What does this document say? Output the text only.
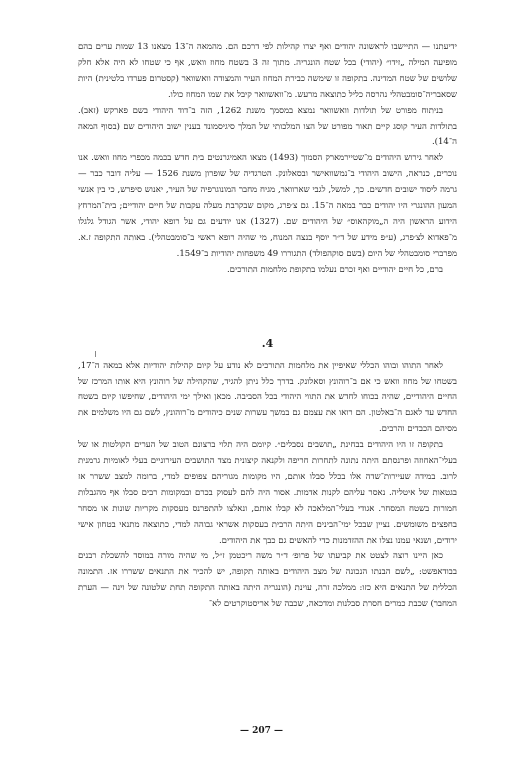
ידיעתנו — התיישבו לראשונה יהודים ואף יצרו קהילות לפי דרכם הם. מהמאה ה־13 מצאנו 13 שמות ערים בהם מופיעה המילה „זידו״ (יהודי) בכל שטח הונגריה. מתוך זה 3 בשטח מחוז וואש, אף כי שטחו לא היה אלא חלק שלושים של שטח המדינה. בתקופה זו שימשה כבירת המחוז העיר והמצודה וואשוואר (קסטרום פערדו בלטינית) היות שסאבריה־סומבטהלי נהרסה כליל כתוצאה מרעש. מ־וואשוואר קיבל את שמו המחוז כולו.

בניתוח מפורט של תולדות וואשוואר נמצא במסמך משנת 1262, הזה ב־דוד היהודי בשם פארקש (זאב). בתולדות העיר קוסג קיים תאור מפורט של הצו המלכותי של המלך סיגיסמונד בענין ישוב היהודים שם (בסוף המאה ה־14).

לאחר גירוש היהודים מ־שטיירמארק הסמוך (1493) מצאו האמיגרנטים בית חדש בכמה מכפרי מחוז וואש. אנו נוכרים, כנראה, הישוב היהודי ב־נמשוואישר ובסאלונק. הטרגדיה של שופרון משנת 1526 — עליה דובר כבר — גרמה ליסוד ישובים חדשים. כך, למשל, לגבי שארוואר, מגיח מחבר המונוגרפיה של העיר, יאנוש סיפרש, כי בין אנשי המעון ההונגרי היו יהודים כבר במאה ה־15. גם צ׳פרג, מקום שבקרבת מעלה עקבות של חיים יהודיים; בית־המרחץ הידוע הראשון היה ה„מוקהאוס״ של היהודים שם. (1327) אנו יודעים גם על רופא יהודי, אשר הגודל גלגלו מ־פאדוא לצ׳פרג, (ע״פ מידע של ד״ר יוסף בנצה המנוח, מי שהיה רופא ראשי ב־סומבטהלי). באותה התקופה ז.א. מפרברי סומבטהלי של היום (בשם סוקהפולד) התגוררו 49 משפחות יהודיות ב־1549.

ברם, כל חיים יהודיים ואף זכרם נעלמו בתקופת מלחמות התורכים.

4.

לאחר התוהו ובוהו הכללי שאיפיין את מלחמות התורכים לא נודע על קיום קהילות יהודיות אלא במאה ה־17, בשטחו של מחוז וואש כי אם ב־רוהונץ וסאלונק. בדרך כלל ניתן להגיד, שהקהילה של רוהונץ היא אותו המרכז של החיים היהודיים, שהיה בכוחו לחדש את התווי היהודי בכל הסביבה. מכאן ואילך ימי היהודים, שחיפשו קיום בשטח החדש עד לאגם ה־באלטון. הם רואו את עצמם גם במשך עשרות שנים כיהודים מ־רוהונץ, לשם גם היו משלמים את מסיהם הכבדים והרבים.

בתקופה זו היו היהודים בבחינת „תושבים נסבלים״. קיומם היה תלוי ברצונם הטוב של הערים הקולטות או של בעלי־האחוזה ופרנסתם היתה נתונה לתחרות חריפה ולקנאה קיצונית מצד התושבים העירוניים בעלי לאומיות גרמנית לרוב. במידה שעיירות־שדה אלו בכלל סבלו אותם, היו מקומות מגוריהם צפופים למדי, ברומה למצב ששרר אז בגטאות של איטליה. נאסר עליהם לקנות אדמות. אסור היה להם לעסוק בכרם ובמקומות רבים סבלו אף מהגבלות חמורות בשטח המסחר. אגודי בעלי־המלאכה לא קבלו אותם, ונאלצו להתפרנס מעסקות מקריות שונות או מסחר בחפצים משומשים. נציין שבכל ימי־הבינים היתה הרבית בעסקות אשראי גבוהה למדי, כתוצאה מתנאי בטחון אישי ירודים, ושנאי עמנו נצלו את ההזדמנות כדי להאשים גם כבך את היהודים.

כאן היינו רוצה לצטט את קביעתו של פרופ׳ ד״ר משה ריכטמן ז״ל, מי שהיה מורה במוסד להשכלת רבנים בבודאפשט: „לשם הבנתו הנכונה של מצב היהודים באותה תקופה, יש להכיר את התנאים ששררו אז. התמונה הכללית של התנאים היא כזו: ממלכה זרה, עוינת (הונגריה היתה באותה התקופה תחת שלטונה של וינה — הערת המחבר) שכבת כמרים חסרת סבלנות ומדכאה, שכבה של אריסטוקרטים לא־

— 207 —
